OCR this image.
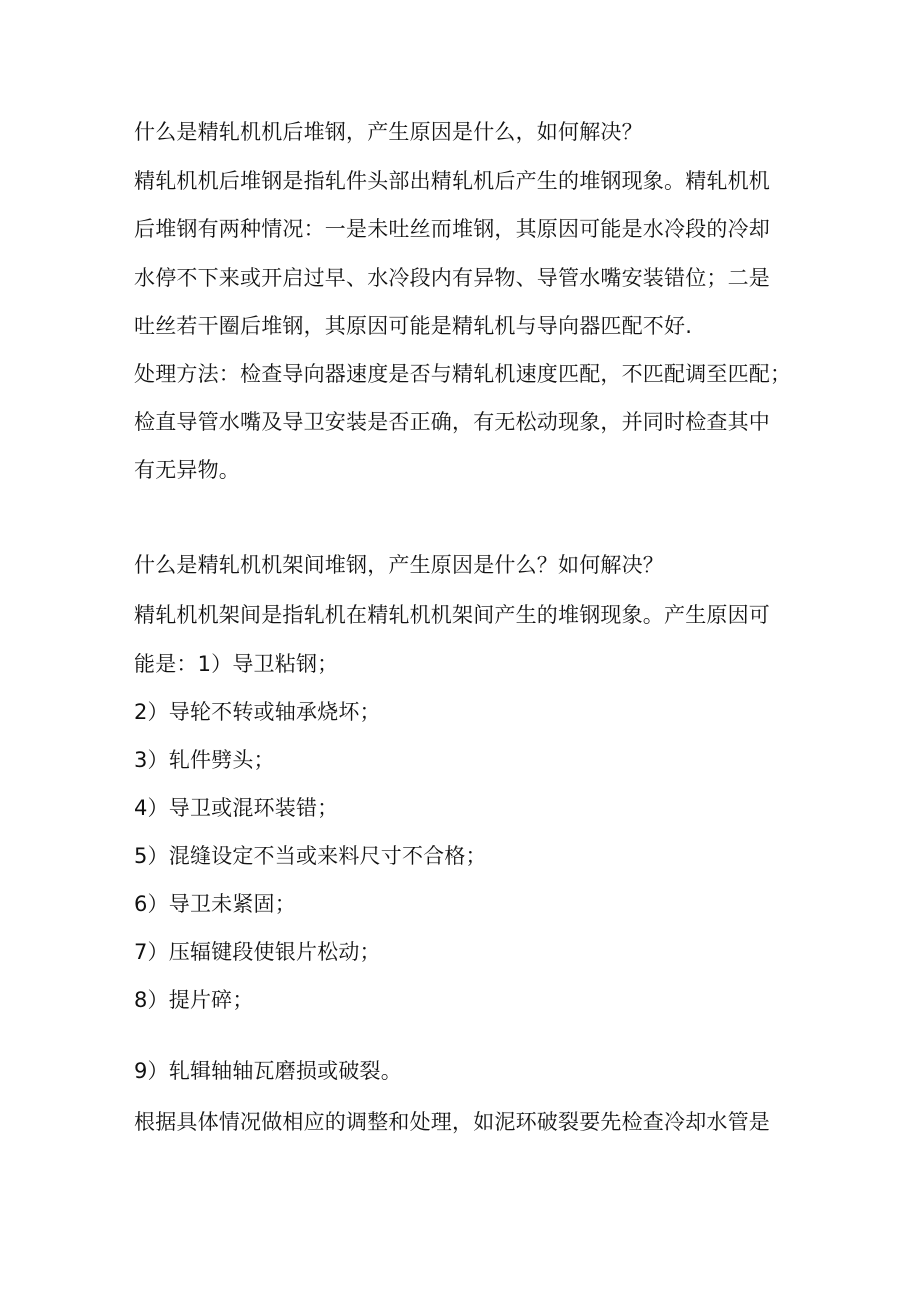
什么是精轧机机后堆钢，产生原因是什么，如何解决？
精轧机机后堆钢是指轧件头部出精轧机后产生的堆钢现象。精轧机机
后堆钢有两种情况：一是未吐丝而堆钢，其原因可能是水冷段的冷却
水停不下来或开启过早、水冷段内有异物、导管水嘴安装错位；二是
吐丝若干圈后堆钢，其原因可能是精轧机与导向器匹配不好.
处理方法：检查导向器速度是否与精轧机速度匹配，不匹配调至匹配；
检直导管水嘴及导卫安装是否正确，有无松动现象，并同时检查其中
有无异物。
什么是精轧机机架间堆钢，产生原因是什么？如何解决？
精轧机机架间是指轧机在精轧机机架间产生的堆钢现象。产生原因可
能是：1）导卫粘钢；
2）导轮不转或轴承烧坏；
3）轧件劈头；
4）导卫或混环装错；
5）混缝设定不当或来料尺寸不合格；
6）导卫未紧固；
7）压辐键段使银片松动；
8）提片碎；
9）轧辑轴轴瓦磨损或破裂。
根据具体情况做相应的调整和处理，如泥环破裂要先检查冷却水管是
